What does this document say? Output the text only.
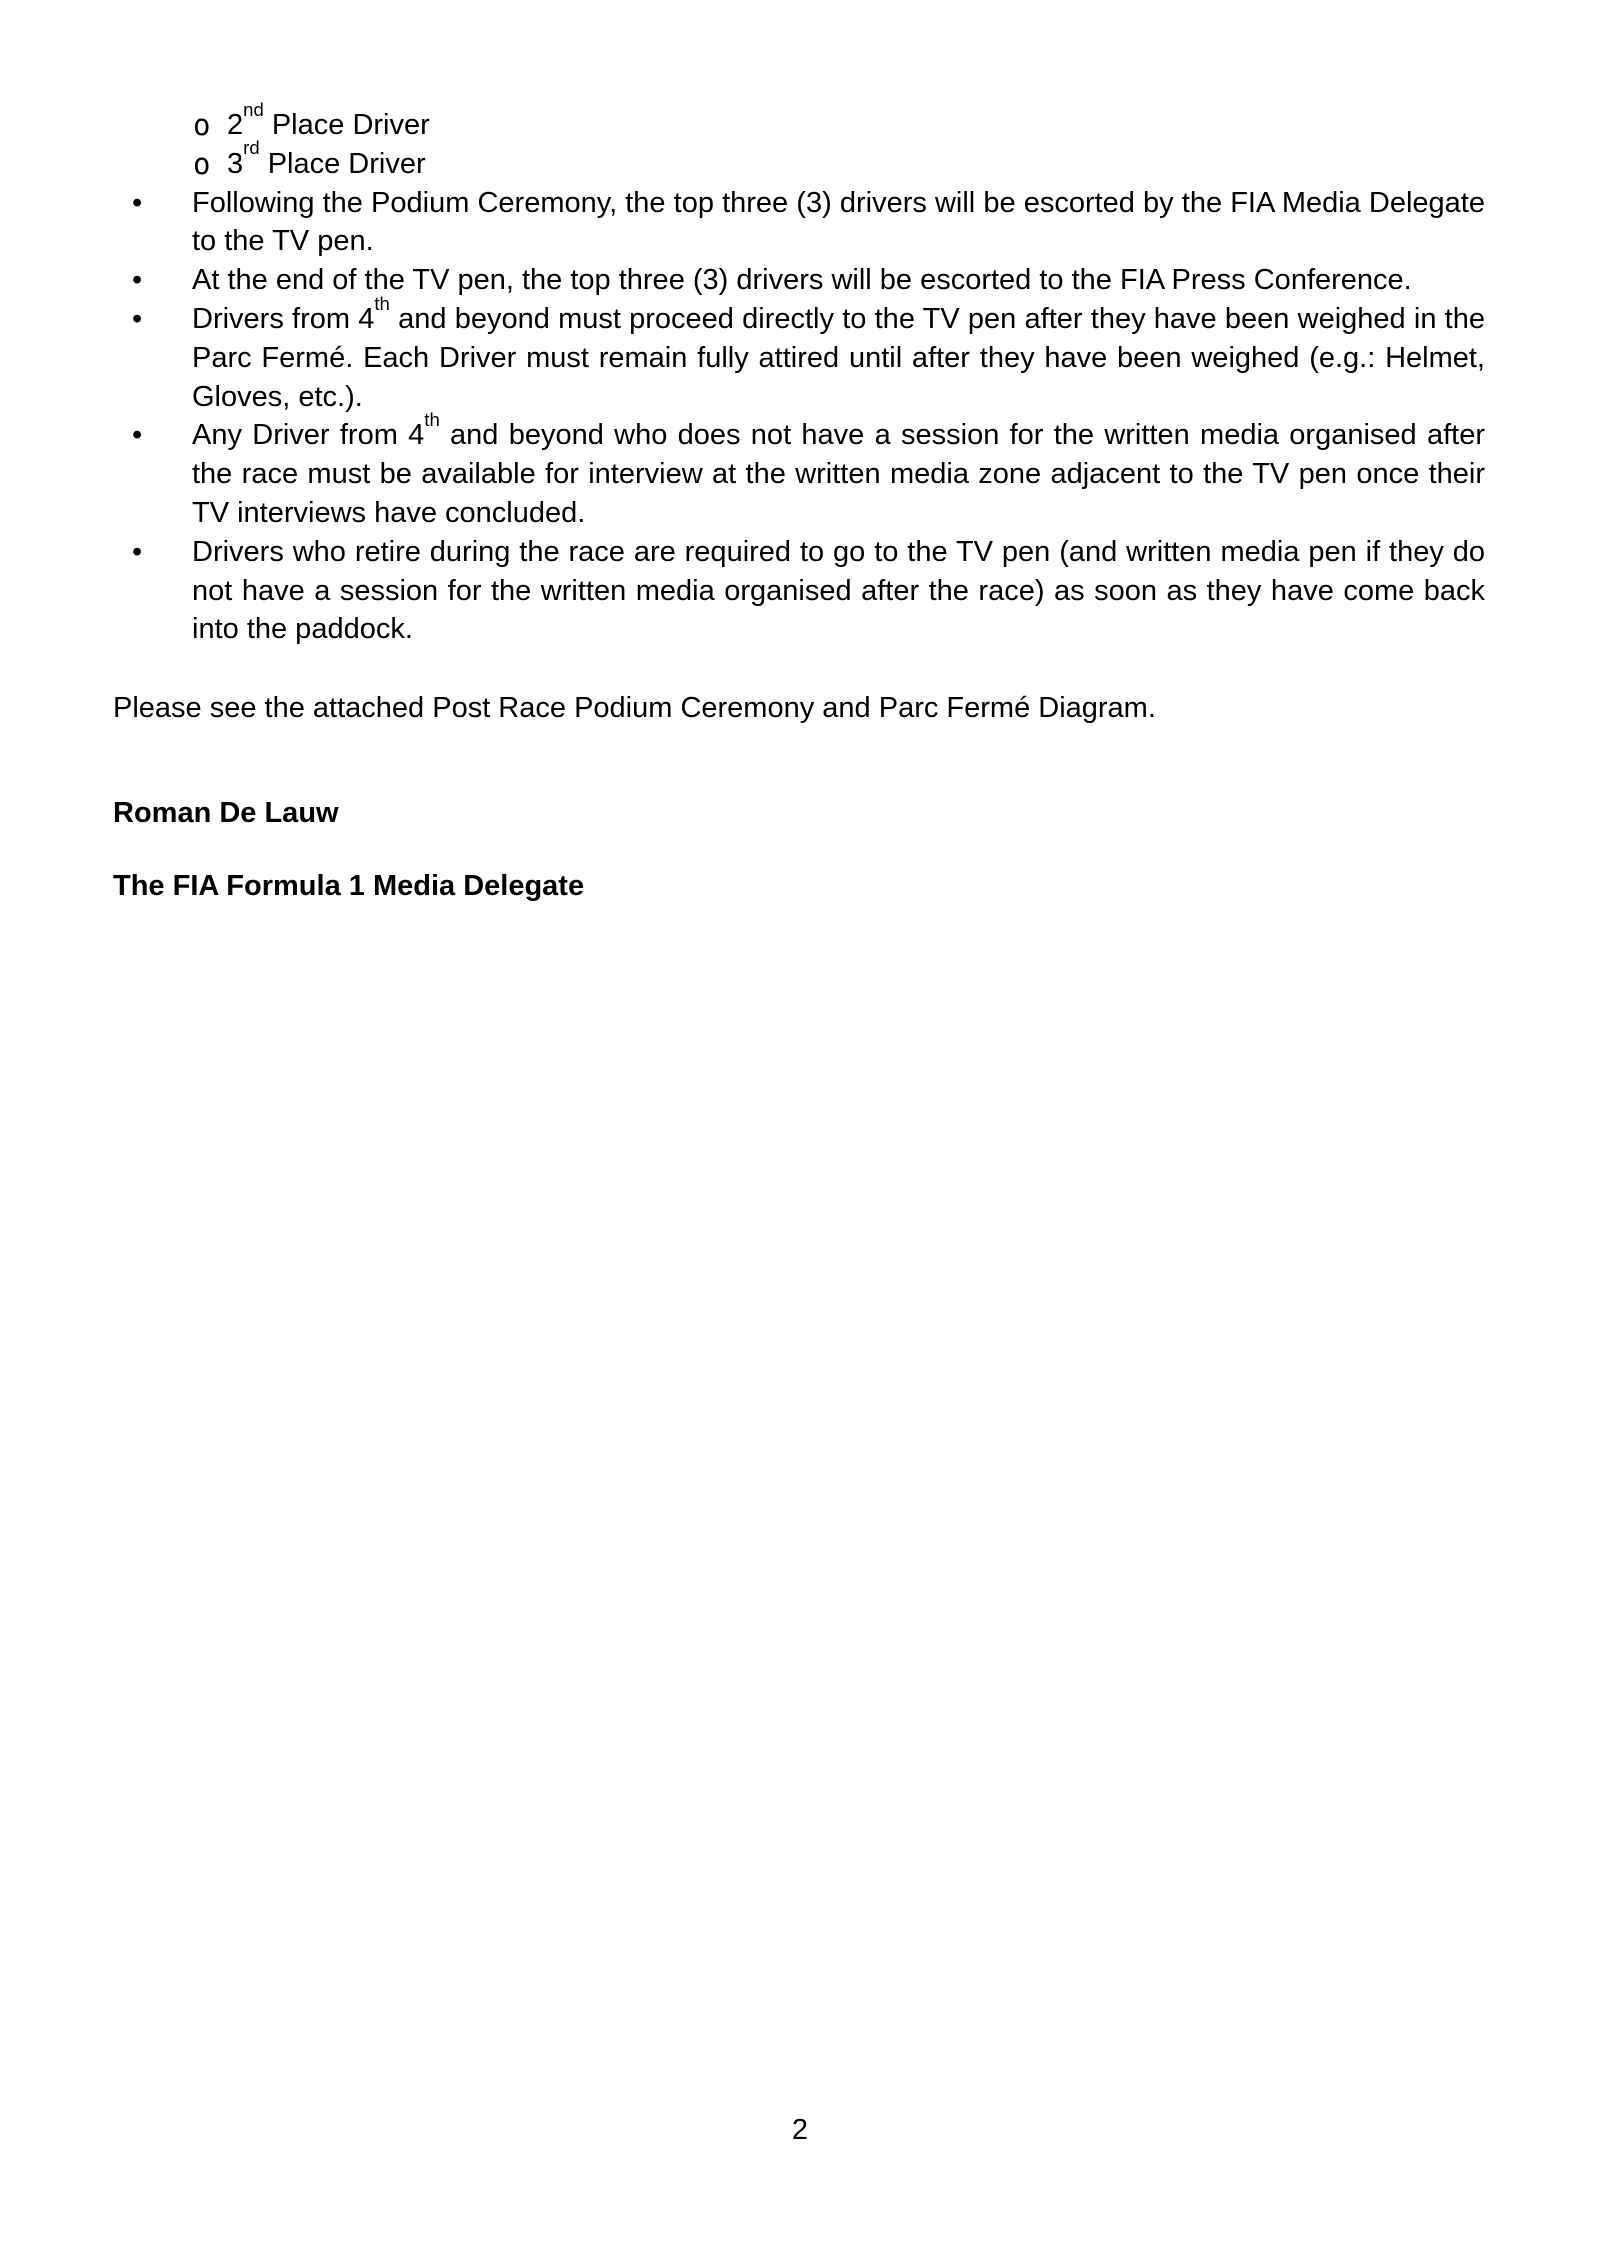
o 2nd Place Driver
o 3rd Place Driver
•	Following the Podium Ceremony, the top three (3) drivers will be escorted by the FIA Media Delegate to the TV pen.
•	At the end of the TV pen, the top three (3) drivers will be escorted to the FIA Press Conference.
•	Drivers from 4th and beyond must proceed directly to the TV pen after they have been weighed in the Parc Fermé. Each Driver must remain fully attired until after they have been weighed (e.g.: Helmet, Gloves, etc.).
•	Any Driver from 4th and beyond who does not have a session for the written media organised after the race must be available for interview at the written media zone adjacent to the TV pen once their TV interviews have concluded.
•	Drivers who retire during the race are required to go to the TV pen (and written media pen if they do not have a session for the written media organised after the race) as soon as they have come back into the paddock.

Please see the attached Post Race Podium Ceremony and Parc Fermé Diagram.

Roman De Lauw

The FIA Formula 1 Media Delegate

2
